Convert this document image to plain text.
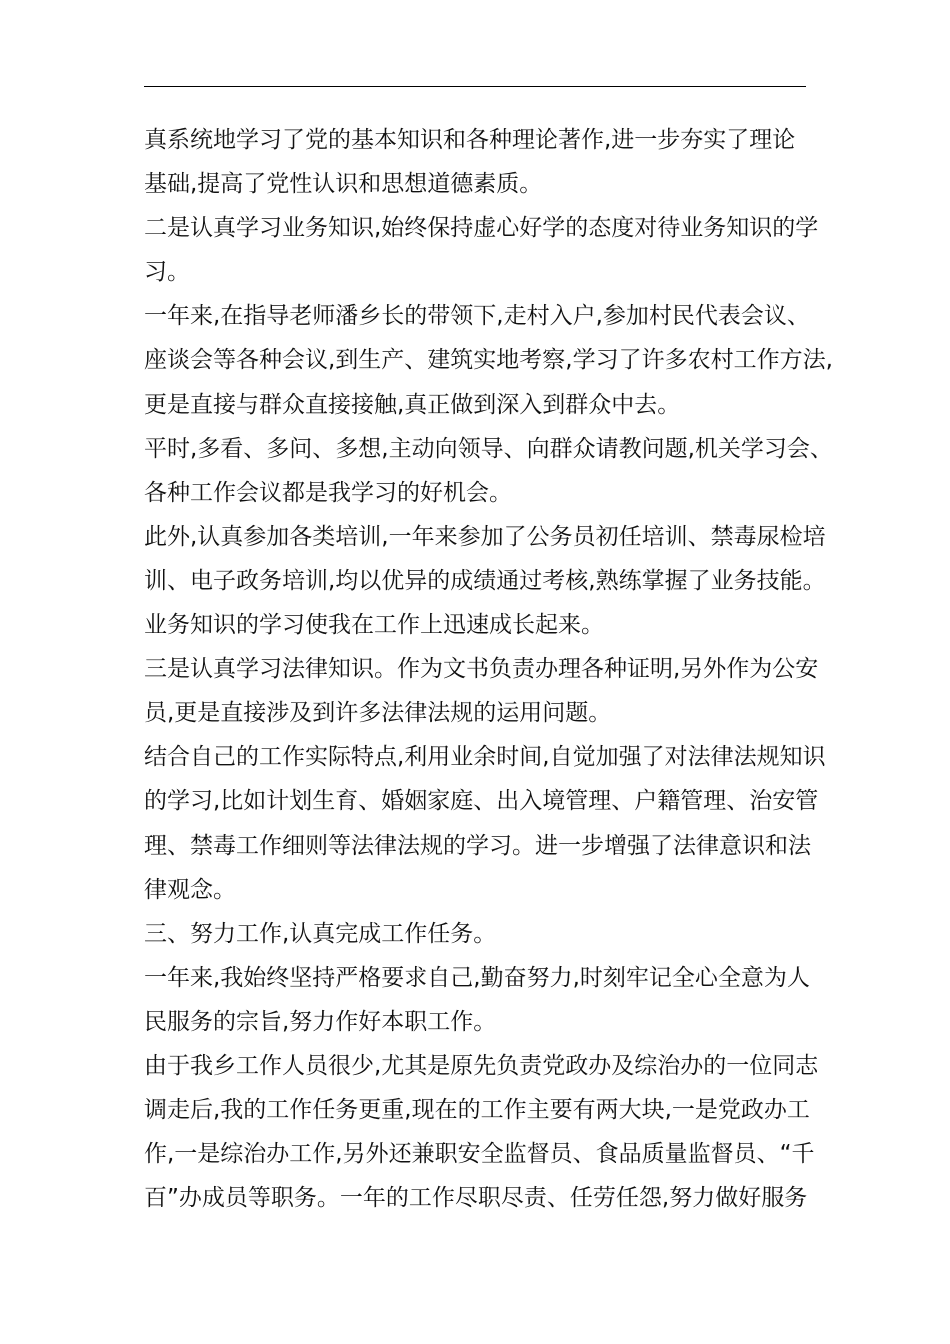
真系统地学习了党的基本知识和各种理论著作,进一步夯实了理论
基础,提高了党性认识和思想道德素质。
二是认真学习业务知识,始终保持虚心好学的态度对待业务知识的学
习。
一年来,在指导老师潘乡长的带领下,走村入户,参加村民代表会议、
座谈会等各种会议,到生产、建筑实地考察,学习了许多农村工作方法,
更是直接与群众直接接触,真正做到深入到群众中去。
平时,多看、多问、多想,主动向领导、向群众请教问题,机关学习会、
各种工作会议都是我学习的好机会。
此外,认真参加各类培训,一年来参加了公务员初任培训、禁毒尿检培
训、电子政务培训,均以优异的成绩通过考核,熟练掌握了业务技能。
业务知识的学习使我在工作上迅速成长起来。
三是认真学习法律知识。作为文书负责办理各种证明,另外作为公安
员,更是直接涉及到许多法律法规的运用问题。
结合自己的工作实际特点,利用业余时间,自觉加强了对法律法规知识
的学习,比如计划生育、婚姻家庭、出入境管理、户籍管理、治安管
理、禁毒工作细则等法律法规的学习。进一步增强了法律意识和法
律观念。
三、努力工作,认真完成工作任务。
一年来,我始终坚持严格要求自己,勤奋努力,时刻牢记全心全意为人
民服务的宗旨,努力作好本职工作。
由于我乡工作人员很少,尤其是原先负责党政办及综治办的一位同志
调走后,我的工作任务更重,现在的工作主要有两大块,一是党政办工
作,一是综治办工作,另外还兼职安全监督员、食品质量监督员、“千
百”办成员等职务。一年的工作尽职尽责、任劳任怨,努力做好服务
